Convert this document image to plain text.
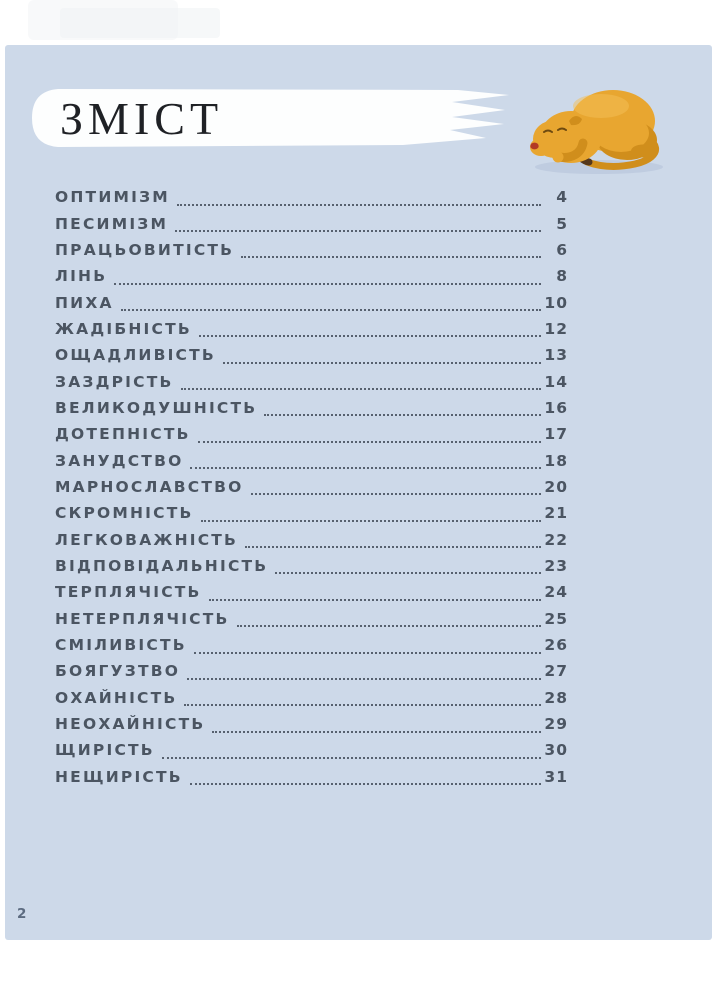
ЗМІСТ
ОПТИМІЗМ	4
ПЕСИМІЗМ	5
ПРАЦЬОВИТІСТЬ	6
ЛІНЬ	8
ПИХА	10
ЖАДІБНІСТЬ	12
ОЩАДЛИВІСТЬ	13
ЗАЗДРІСТЬ	14
ВЕЛИКОДУШНІСТЬ	16
ДОТЕПНІСТЬ	17
ЗАНУДСТВО	18
МАРНОСЛАВСТВО	20
СКРОМНІСТЬ	21
ЛЕГКОВАЖНІСТЬ	22
ВІДПОВІДАЛЬНІСТЬ	23
ТЕРПЛЯЧІСТЬ	24
НЕТЕРПЛЯЧІСТЬ	25
СМІЛИВІСТЬ	26
БОЯГУЗТВО	27
ОХАЙНІСТЬ	28
НЕОХАЙНІСТЬ	29
ЩИРІСТЬ	30
НЕЩИРІСТЬ	31
2
